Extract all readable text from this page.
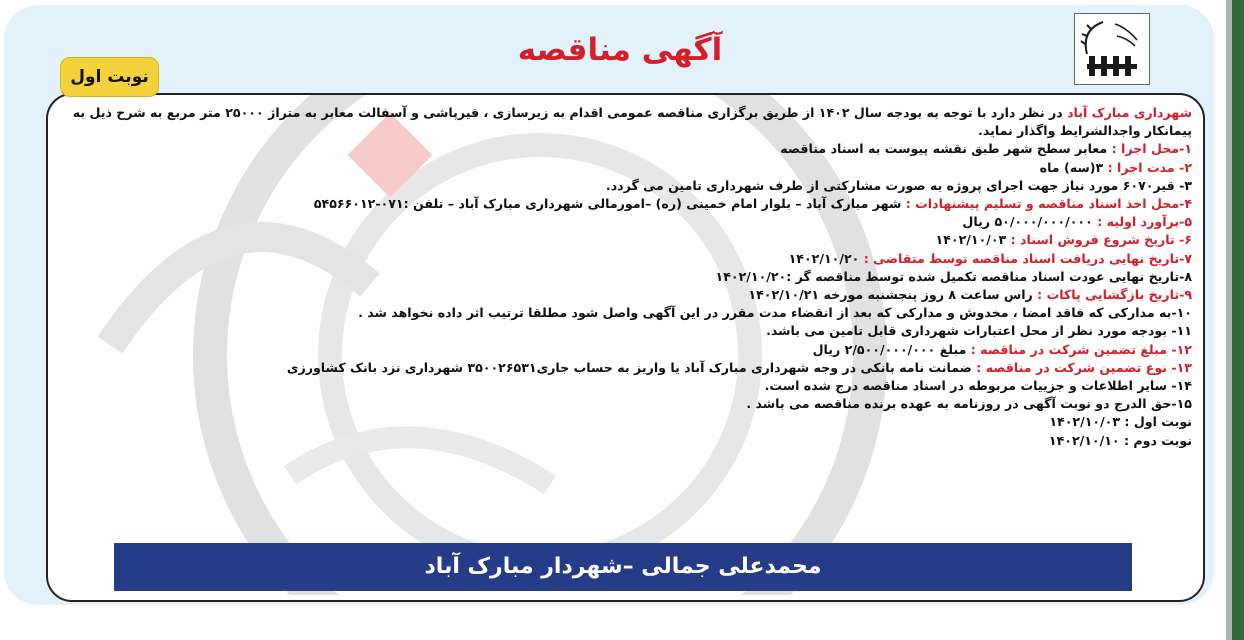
آگهی مناقصه
نوبت اول

شهرداری مبارک آباد در نظر دارد با توجه به بودجه سال ۱۴۰۲ از طریق برگزاری مناقصه عمومی اقدام به زیرسازی ، قیرپاشی و آسفالت معابر به متراژ ۲۵۰۰۰ متر مربع به شرح ذیل به پیمانکار واجدالشرایط واگذار نماید.

۱-محل اجرا : معابر سطح شهر طبق نقشه پیوست به اسناد مناقصه

۲- مدت اجرا : ۳(سه) ماه

۳- قیر۶۰۷۰ مورد نیاز جهت اجرای پروژه به صورت مشارکتی از طرف شهرداری تامین می گردد.

۴-محل اخذ اسناد مناقصه و تسلیم پیشنهادات : شهر مبارک آباد – بلوار امام خمینی (ره) –امورمالی شهرداری مبارک آباد – تلفن :۰۷۱-۵۴۵۶۶۰۱۲

۵-برآورد اولیه : ۵۰/۰۰۰/۰۰۰/۰۰۰ ریال

۶- تاریخ شروع فروش اسناد : ۱۴۰۲/۱۰/۰۳

۷-تاریخ نهایی دریافت اسناد مناقصه توسط متقاضی : ۱۴۰۲/۱۰/۲۰

۸-تاریخ نهایی عودت اسناد مناقصه تکمیل شده توسط مناقصه گر :۱۴۰۲/۱۰/۲۰

۹-تاریخ بازگشایی پاکات : راس ساعت ۸ روز پنجشنبه مورخه ۱۴۰۲/۱۰/۲۱

۱۰-به مدارکی که فاقد امضا ، مخدوش و مدارکی که بعد از انقضاء مدت مقرر در این آگهی واصل شود مطلقا ترتیب اثر داده نخواهد شد .

۱۱- بودجه مورد نظر از محل اعتبارات شهرداری قابل تامین می باشد.

۱۲- مبلغ تضمین شرکت در مناقصه : مبلغ ۲/۵۰۰/۰۰۰/۰۰۰ ریال

۱۳- نوع تضمین شرکت در مناقصه : ضمانت نامه بانکی در وجه شهرداری مبارک آباد یا واریز به حساب جاری۳۵۰۰۲۶۵۳۱ شهرداری نزد بانک کشاورزی

۱۴- سایر اطلاعات و جزییات مربوطه در اسناد مناقصه درج شده است.

۱۵-حق الدرج دو نوبت آگهی در روزنامه به عهده برنده مناقصه می باشد .

نوبت اول : ۱۴۰۲/۱۰/۰۳

نوبت دوم : ۱۴۰۲/۱۰/۱۰

محمدعلی جمالی –شهردار مبارک آباد
